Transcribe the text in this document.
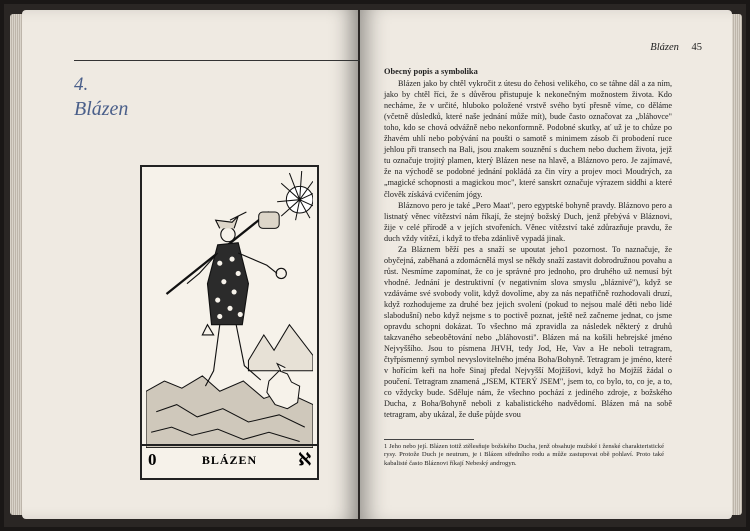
4.
Blázen
0	BLÁZEN	ℵ
Blázen 45
Obecný popis a symbolika

Blázen jako by chtěl vykročit z útesu do čehosi velikého, co se táhne dál a za ním, jako by chtěl říci, že s důvěrou přistupuje k nekonečným možnostem života. Kdo necháme, že v určité, hluboko položené vrstvě svého bytí přesně víme, co děláme (včetně důsledků, které naše jednání může mít), bude často označovat za „bláhovce" toho, kdo se chová odvážně nebo nekonformně. Podobné skutky, ať už je to chůze po žhavém uhlí nebo pobývání na poušti o samotě s minimem zásob či probodení ruce jehlou při transech na Bali, jsou znakem souznění s duchem nebo duchem života, jejž tu označuje trojitý plamen, který Blázen nese na hlavě, a Bláznovo pero. Je zajímavé, že na východě se podobné jednání pokládá za čin víry a projev moci Moudrých, za „magické schopnosti a magickou moc", které sanskrt označuje výrazem siddhi a které člověk získává cvičením jógy.

Bláznovo pero je také „Pero Maat", pero egyptské bohyně pravdy. Bláznovo pero a listnatý věnec vítězství nám říkají, že stejný božský Duch, jenž přebývá v Bláznovi, žije v celé přírodě a v jejích stvořeních. Věnec vítězství také zdůrazňuje pravdu, že duch vždy vítězí, i když to třeba zdánlivě vypadá jinak.

Za Bláznem běží pes a snaží se upoutat jeho1 pozornost. To naznačuje, že obyčejná, zaběhaná a zdomácnělá mysl se někdy snaží zastavit dobrodružnou povahu a růst. Nesmíme zapomínat, že co je správné pro jednoho, pro druhého už nemusí být vhodné. Jednání je destruktivní (v negativním slova smyslu „bláznivé"), když se vzdáváme své svobody volit, když dovolíme, aby za nás nepatřičně rozhodovali druzí, když rozhodujeme za druhé bez jejich svolení (pokud to nejsou malé děti nebo lidé slabodušní) nebo když nejsme s to poctivě poznat, ještě než začneme jednat, co jsme opravdu schopni dokázat. To všechno má zpravidla za následek některý z druhů takzvaného sebeobětování nebo „bláhovosti". Blázen má na košili hebrejské jméno Nejvyššího. Jsou to písmena JHVH, tedy Jod, He, Vav a He neboli tetragram, čtyřpísmenný symbol nevyslovitelného jména Boha/Bohyně. Tetragram je jméno, které v hořícím keři na hoře Sinaj předal Nejvyšší Mojžíšovi, když ho Mojžíš žádal o poučení. Tetragram znamená „JSEM, KTERÝ JSEM", jsem to, co bylo, to, co je, a to, co vždycky bude. Sděluje nám, že všechno pochází z jediného zdroje, z božského Ducha, z Boha/Bohyně neboli z kabalistického nadvědomí. Blázen má na sobě tetragram, aby ukázal, že duše půjde svou

1 Jeho nebo její. Blázen totiž ztělesňuje božského Ducha, jenž obsahuje mužské i ženské charakteristické rysy. Protože Duch je neutrum, je i Blázen středního rodu a může zastupovat obě pohlaví. Proto také kabalisté často Bláznovi říkají Nebeský androgyn.
